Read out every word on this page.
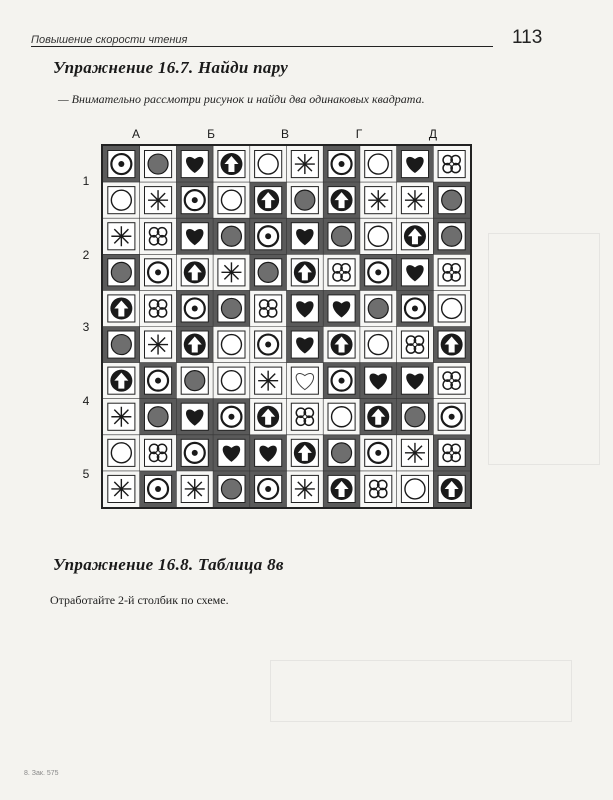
Повышение скорости чтения	113
Упражнение 16.7. Найди пару
— Внимательно рассмотри рисунок и найди два одинаковых квадрата.
А	Б	В	Г	Д
1
2
3
4
5
Упражнение 16.8. Таблица 8в
Отработайте 2-й столбик по схеме.
8. Зак. 575
